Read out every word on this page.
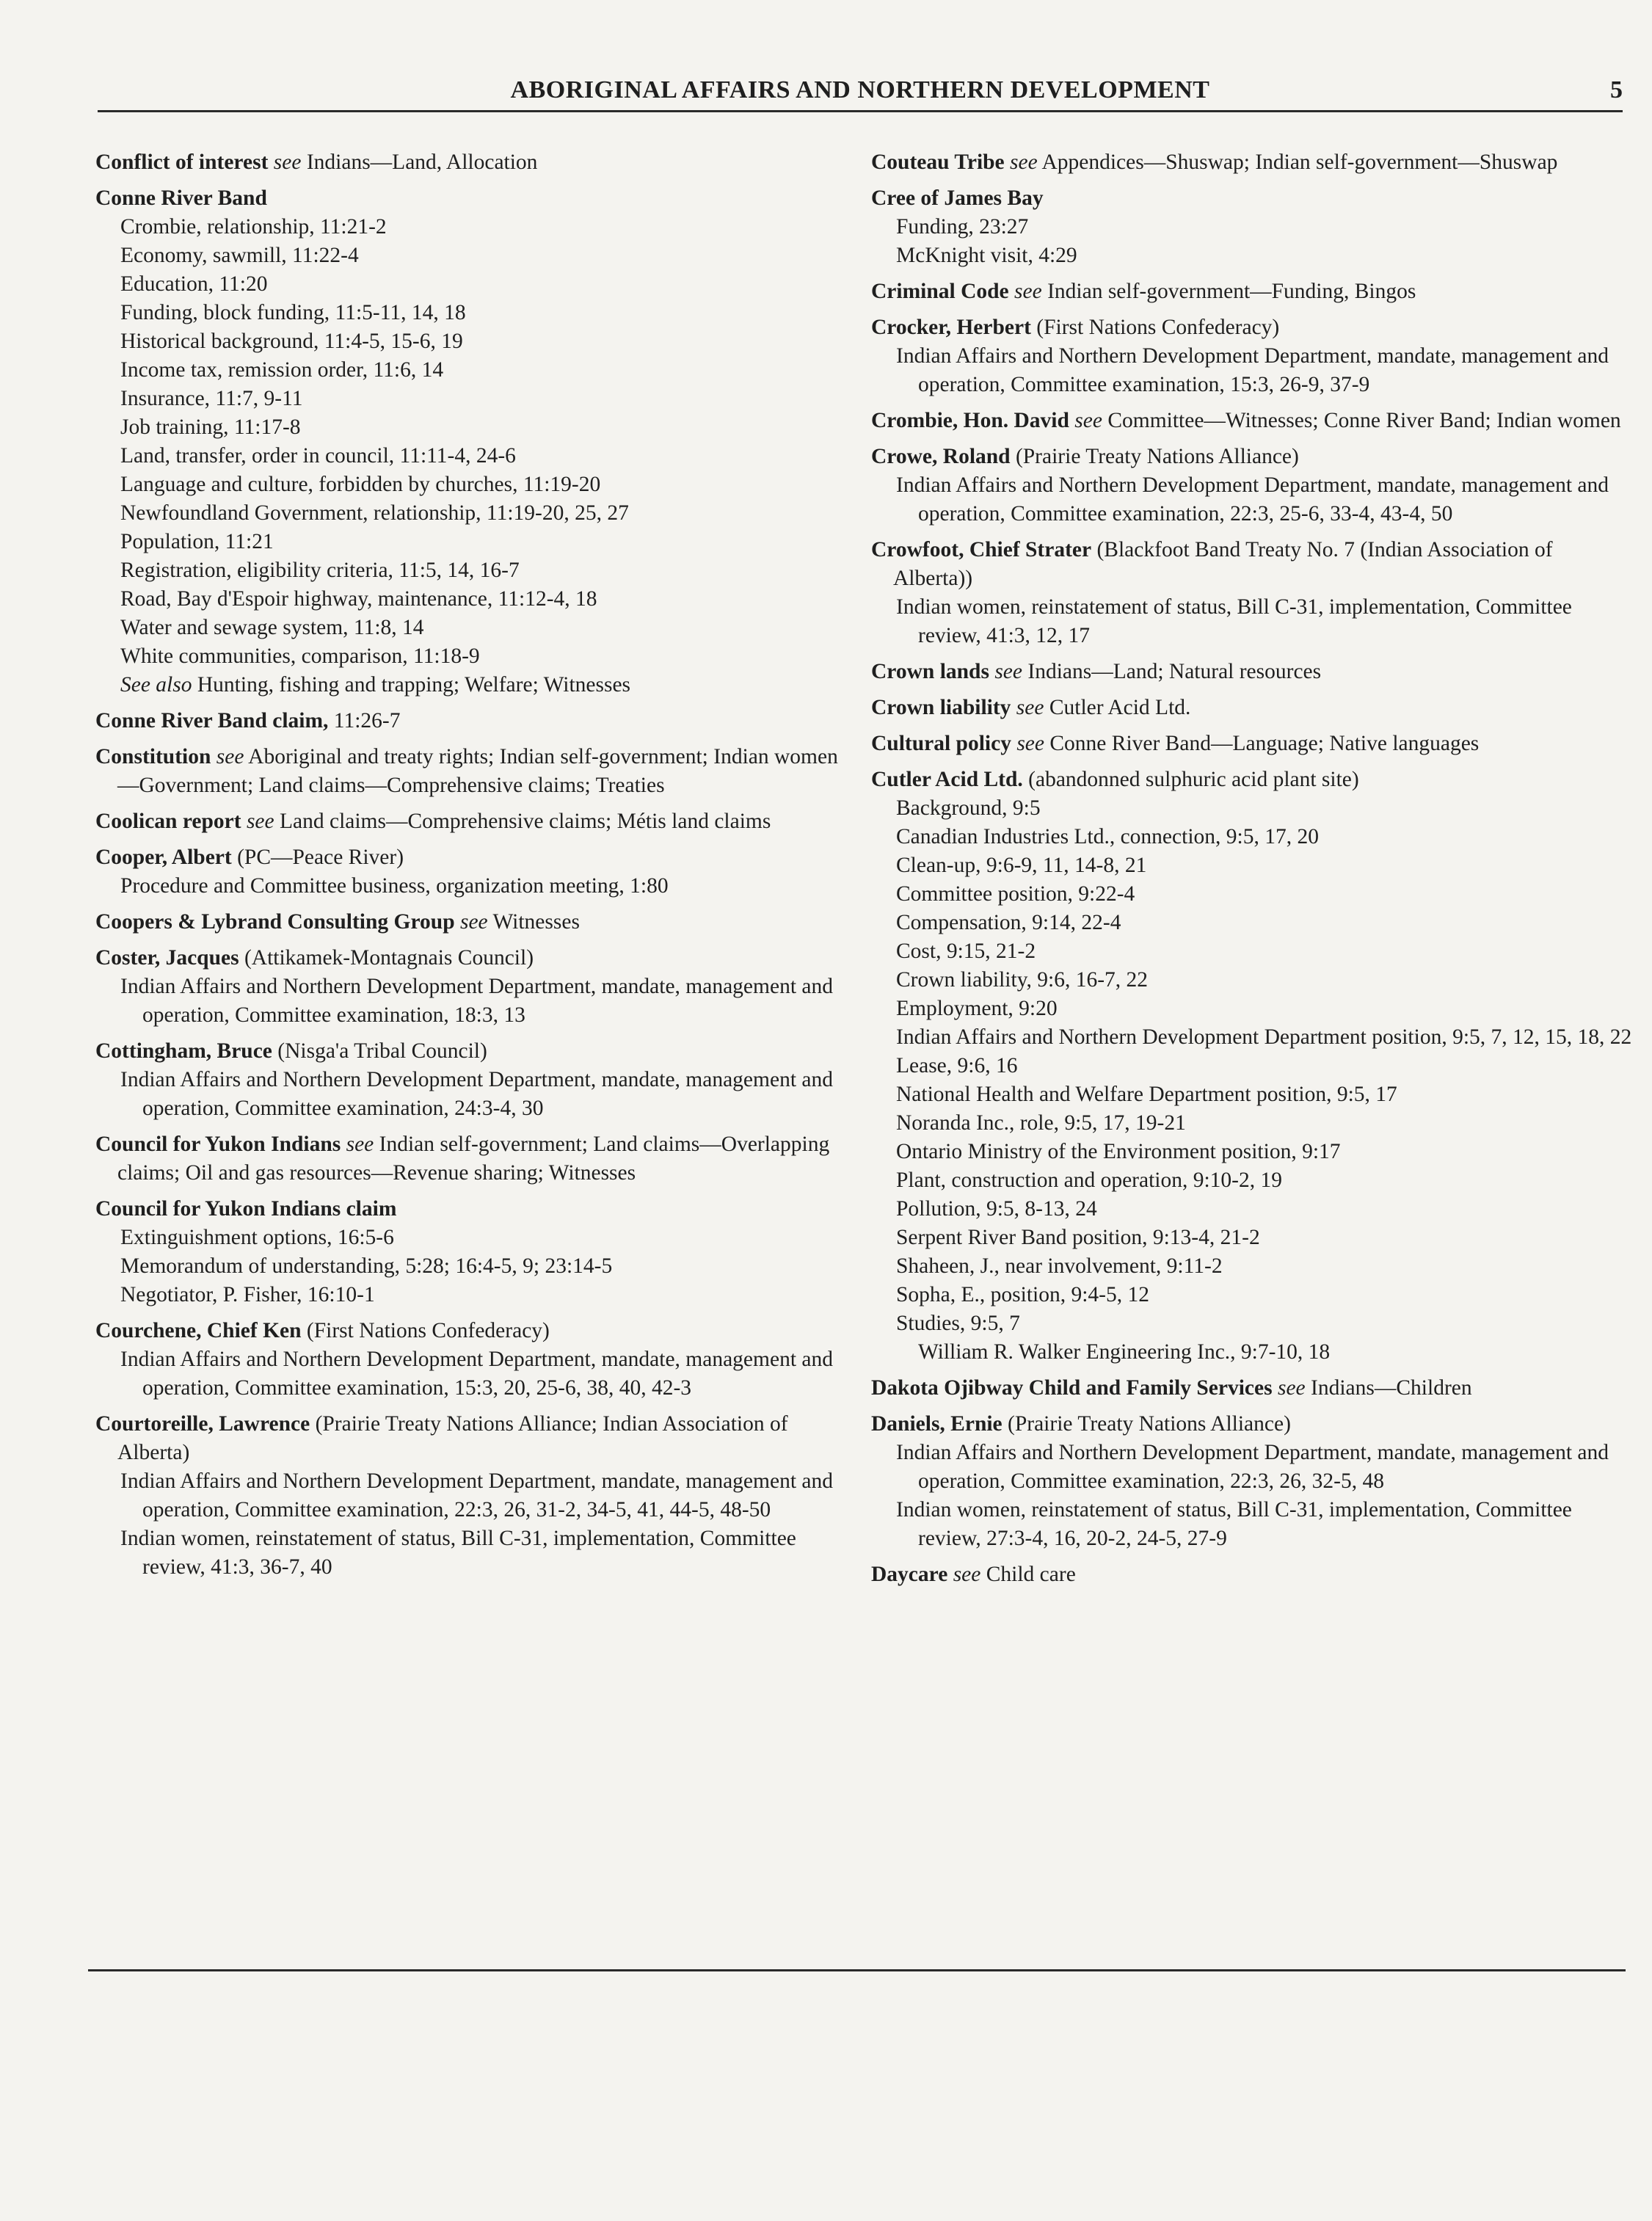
ABORIGINAL AFFAIRS AND NORTHERN DEVELOPMENT	5
Conflict of interest see Indians—Land, Allocation
Conne River Band
Crombie, relationship, 11:21-2
Economy, sawmill, 11:22-4
Education, 11:20
Funding, block funding, 11:5-11, 14, 18
Historical background, 11:4-5, 15-6, 19
Income tax, remission order, 11:6, 14
Insurance, 11:7, 9-11
Job training, 11:17-8
Land, transfer, order in council, 11:11-4, 24-6
Language and culture, forbidden by churches, 11:19-20
Newfoundland Government, relationship, 11:19-20, 25, 27
Population, 11:21
Registration, eligibility criteria, 11:5, 14, 16-7
Road, Bay d'Espoir highway, maintenance, 11:12-4, 18
Water and sewage system, 11:8, 14
White communities, comparison, 11:18-9
See also Hunting, fishing and trapping; Welfare; Witnesses
Conne River Band claim, 11:26-7
Constitution see Aboriginal and treaty rights; Indian self-government; Indian women—Government; Land claims—Comprehensive claims; Treaties
Coolican report see Land claims—Comprehensive claims; Métis land claims
Cooper, Albert (PC—Peace River)
Procedure and Committee business, organization meeting, 1:80
Coopers & Lybrand Consulting Group see Witnesses
Coster, Jacques (Attikamek-Montagnais Council)
Indian Affairs and Northern Development Department, mandate, management and operation, Committee examination, 18:3, 13
Cottingham, Bruce (Nisga'a Tribal Council)
Indian Affairs and Northern Development Department, mandate, management and operation, Committee examination, 24:3-4, 30
Council for Yukon Indians see Indian self-government; Land claims—Overlapping claims; Oil and gas resources—Revenue sharing; Witnesses
Council for Yukon Indians claim
Extinguishment options, 16:5-6
Memorandum of understanding, 5:28; 16:4-5, 9; 23:14-5
Negotiator, P. Fisher, 16:10-1
Courchene, Chief Ken (First Nations Confederacy)
Indian Affairs and Northern Development Department, mandate, management and operation, Committee examination, 15:3, 20, 25-6, 38, 40, 42-3
Courtoreille, Lawrence (Prairie Treaty Nations Alliance; Indian Association of Alberta)
Indian Affairs and Northern Development Department, mandate, management and operation, Committee examination, 22:3, 26, 31-2, 34-5, 41, 44-5, 48-50
Indian women, reinstatement of status, Bill C-31, implementation, Committee review, 41:3, 36-7, 40
Couteau Tribe see Appendices—Shuswap; Indian self-government—Shuswap
Cree of James Bay
Funding, 23:27
McKnight visit, 4:29
Criminal Code see Indian self-government—Funding, Bingos
Crocker, Herbert (First Nations Confederacy)
Indian Affairs and Northern Development Department, mandate, management and operation, Committee examination, 15:3, 26-9, 37-9
Crombie, Hon. David see Committee—Witnesses; Conne River Band; Indian women
Crowe, Roland (Prairie Treaty Nations Alliance)
Indian Affairs and Northern Development Department, mandate, management and operation, Committee examination, 22:3, 25-6, 33-4, 43-4, 50
Crowfoot, Chief Strater (Blackfoot Band Treaty No. 7 (Indian Association of Alberta))
Indian women, reinstatement of status, Bill C-31, implementation, Committee review, 41:3, 12, 17
Crown lands see Indians—Land; Natural resources
Crown liability see Cutler Acid Ltd.
Cultural policy see Conne River Band—Language; Native languages
Cutler Acid Ltd. (abandonned sulphuric acid plant site)
Background, 9:5
Canadian Industries Ltd., connection, 9:5, 17, 20
Clean-up, 9:6-9, 11, 14-8, 21
Committee position, 9:22-4
Compensation, 9:14, 22-4
Cost, 9:15, 21-2
Crown liability, 9:6, 16-7, 22
Employment, 9:20
Indian Affairs and Northern Development Department position, 9:5, 7, 12, 15, 18, 22
Lease, 9:6, 16
National Health and Welfare Department position, 9:5, 17
Noranda Inc., role, 9:5, 17, 19-21
Ontario Ministry of the Environment position, 9:17
Plant, construction and operation, 9:10-2, 19
Pollution, 9:5, 8-13, 24
Serpent River Band position, 9:13-4, 21-2
Shaheen, J., near involvement, 9:11-2
Sopha, E., position, 9:4-5, 12
Studies, 9:5, 7
William R. Walker Engineering Inc., 9:7-10, 18
Dakota Ojibway Child and Family Services see Indians—Children
Daniels, Ernie (Prairie Treaty Nations Alliance)
Indian Affairs and Northern Development Department, mandate, management and operation, Committee examination, 22:3, 26, 32-5, 48
Indian women, reinstatement of status, Bill C-31, implementation, Committee review, 27:3-4, 16, 20-2, 24-5, 27-9
Daycare see Child care
